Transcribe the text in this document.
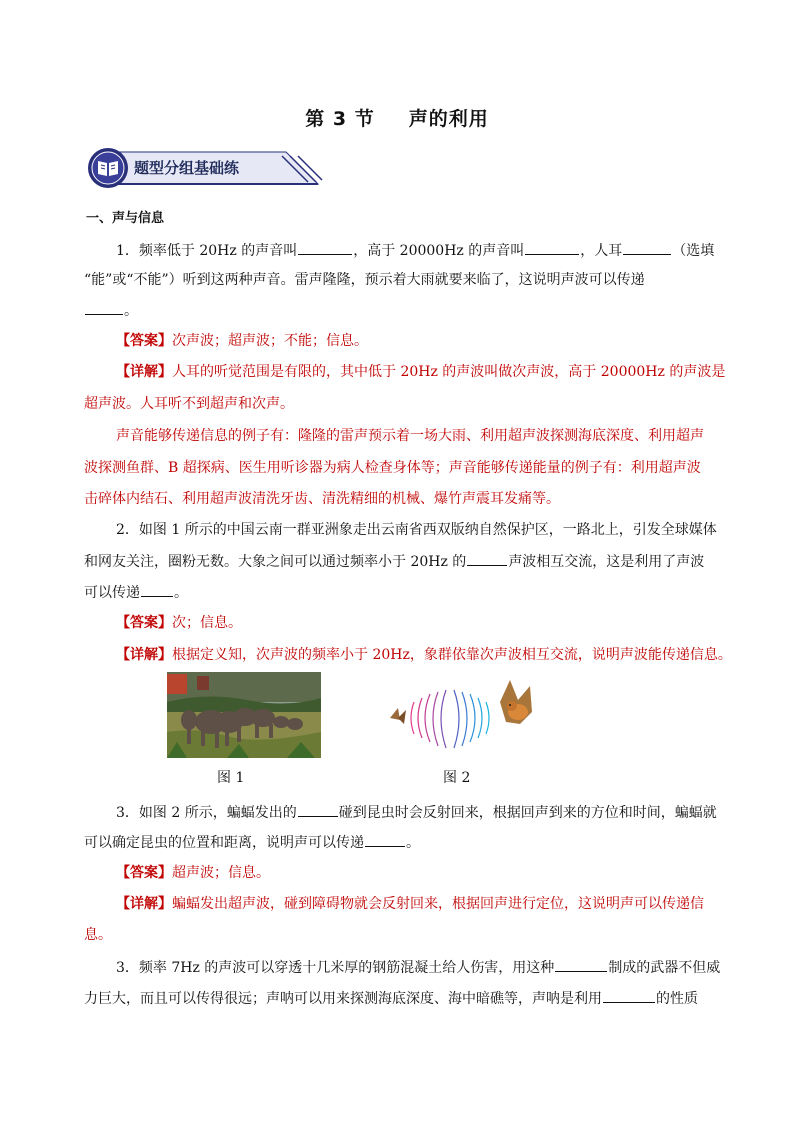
第 3 节 声的利用
题型分组基础练
一、声与信息
1．频率低于 20Hz 的声音叫	，高于 20000Hz 的声音叫	，人耳	（选填
“能”或“不能”）听到这两种声音。雷声隆隆，预示着大雨就要来临了，这说明声波可以传递
。
【答案】次声波；超声波；不能；信息。
【详解】人耳的听觉范围是有限的，其中低于 20Hz 的声波叫做次声波，高于 20000Hz 的声波是
超声波。人耳听不到超声和次声。
声音能够传递信息的例子有：隆隆的雷声预示着一场大雨、利用超声波探测海底深度、利用超声
波探测鱼群、B 超探病、医生用听诊器为病人检查身体等；声音能够传递能量的例子有：利用超声波
击碎体内结石、利用超声波清洗牙齿、清洗精细的机械、爆竹声震耳发痛等。
2．如图 1 所示的中国云南一群亚洲象走出云南省西双版纳自然保护区，一路北上，引发全球媒体
和网友关注，圈粉无数。大象之间可以通过频率小于 20Hz 的	声波相互交流，这是利用了声波
可以传递 。
【答案】次；信息。
【详解】根据定义知，次声波的频率小于 20Hz，象群依靠次声波相互交流，说明声波能传递信息。
图 1	图 2
3．如图 2 所示，蝙蝠发出的	碰到昆虫时会反射回来，根据回声到来的方位和时间，蝙蝠就
可以确定昆虫的位置和距离，说明声可以传递	。
【答案】超声波；信息。
【详解】蝙蝠发出超声波，碰到障碍物就会反射回来，根据回声进行定位，这说明声可以传递信
息。
3．频率 7Hz 的声波可以穿透十几米厚的钢筋混凝土给人伤害，用这种	制成的武器不但威
力巨大，而且可以传得很远；声呐可以用来探测海底深度、海中暗礁等，声呐是利用	的性质
